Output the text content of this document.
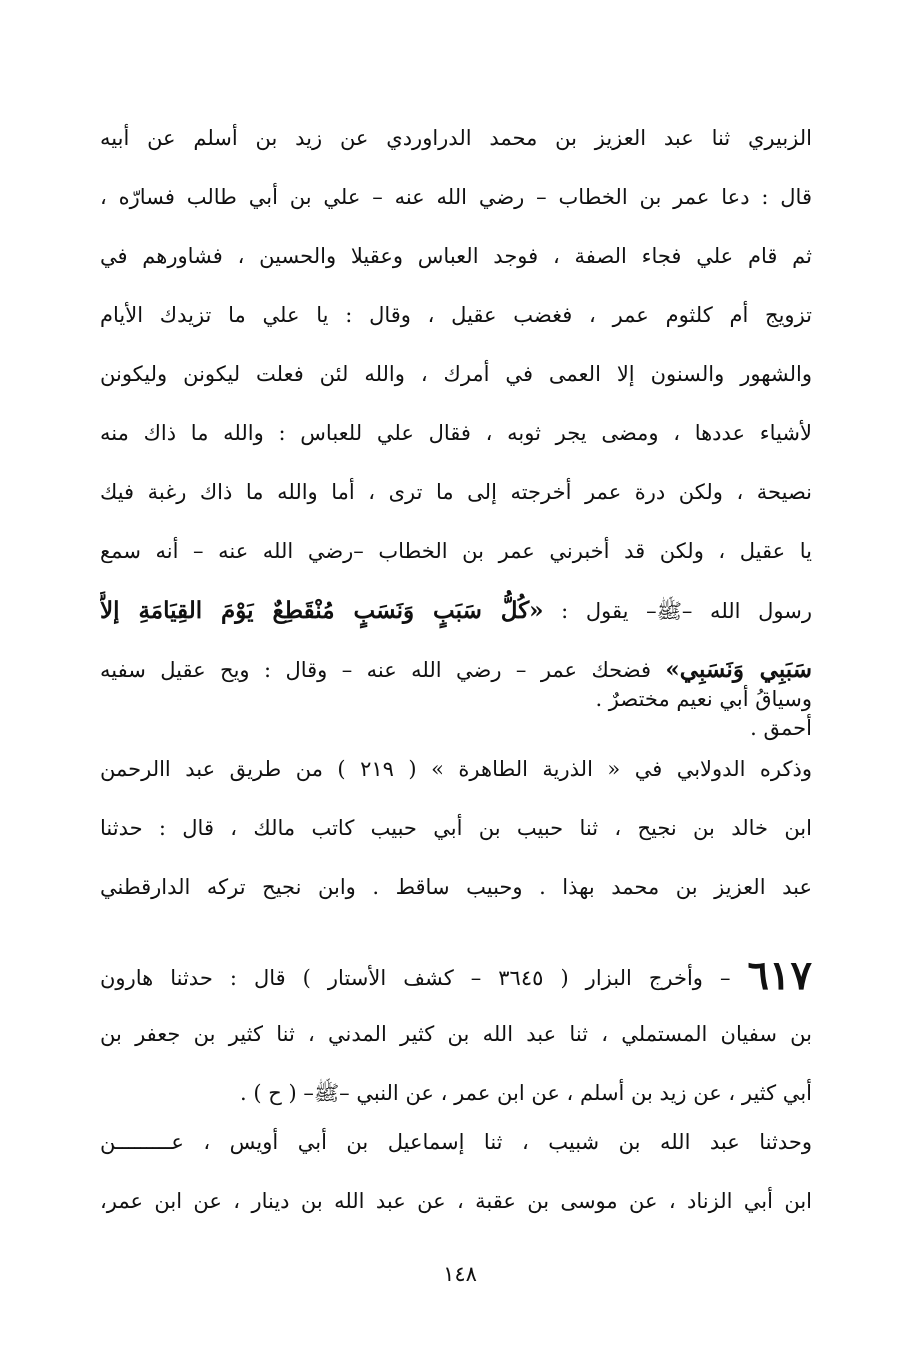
الزبيري ثنا عبد العزيز بن محمد الدراوردي عن زيد بن أسلم عن أبيه
قال : دعا عمر بن الخطاب – رضي الله عنه – علي بن أبي طالب فسارّه ،
ثم قام علي فجاء الصفة ، فوجد العباس وعقيلا والحسين ، فشاورهم في
تزويج أم كلثوم عمر ، فغضب عقيل ، وقال : يا علي ما تزيدك الأيام
والشهور والسنون إلا العمى في أمرك ، والله لئن فعلت ليكونن وليكونن
لأشياء عددها ، ومضى يجر ثوبه ، فقال علي للعباس : والله ما ذاك منه
نصيحة ، ولكن درة عمر أخرجته إلى ما ترى ، أما والله ما ذاك رغبة فيك
يا عقيل ، ولكن قد أخبرني عمر بن الخطاب –رضي الله عنه – أنه سمع
رسول الله –ﷺ– يقول : «كُلُّ سَبَبٍ وَنَسَبٍ مُنْقَطِعٌ يَوْمَ القِيَامَةِ إلاَّ
سَبَبِي وَنَسَبِي» فضحك عمر – رضي الله عنه – وقال : ويح عقيل سفيه
أحمق .
وسياقُ أبي نعيم مختصرٌ .
وذكره الدولابي في « الذرية الطاهرة » ( ٢١٩ ) من طريق عبد االرحمن
ابن خالد بن نجيح ، ثنا حبيب بن أبي حبيب كاتب مالك ، قال : حدثنا
عبد العزيز بن محمد بهذا . وحبيب ساقط . وابن نجيح تركه الدارقطني
٦١٧ – وأخرج البزار ( ٣٦٤٥ – كشف الأستار ) قال : حدثنا هارون
بن سفيان المستملي ، ثنا عبد الله بن كثير المدني ، ثنا كثير بن جعفر بن
أبي كثير ، عن زيد بن أسلم ، عن ابن عمر ، عن النبي –ﷺ– ( ح ) .
وحدثنا عبد الله بن شبيب ، ثنا إسماعيل بن أبي أويس ، عـــــــــن
ابن أبي الزناد ، عن موسى بن عقبة ، عن عبد الله بن دينار ، عن ابن عمر،
١٤٨
